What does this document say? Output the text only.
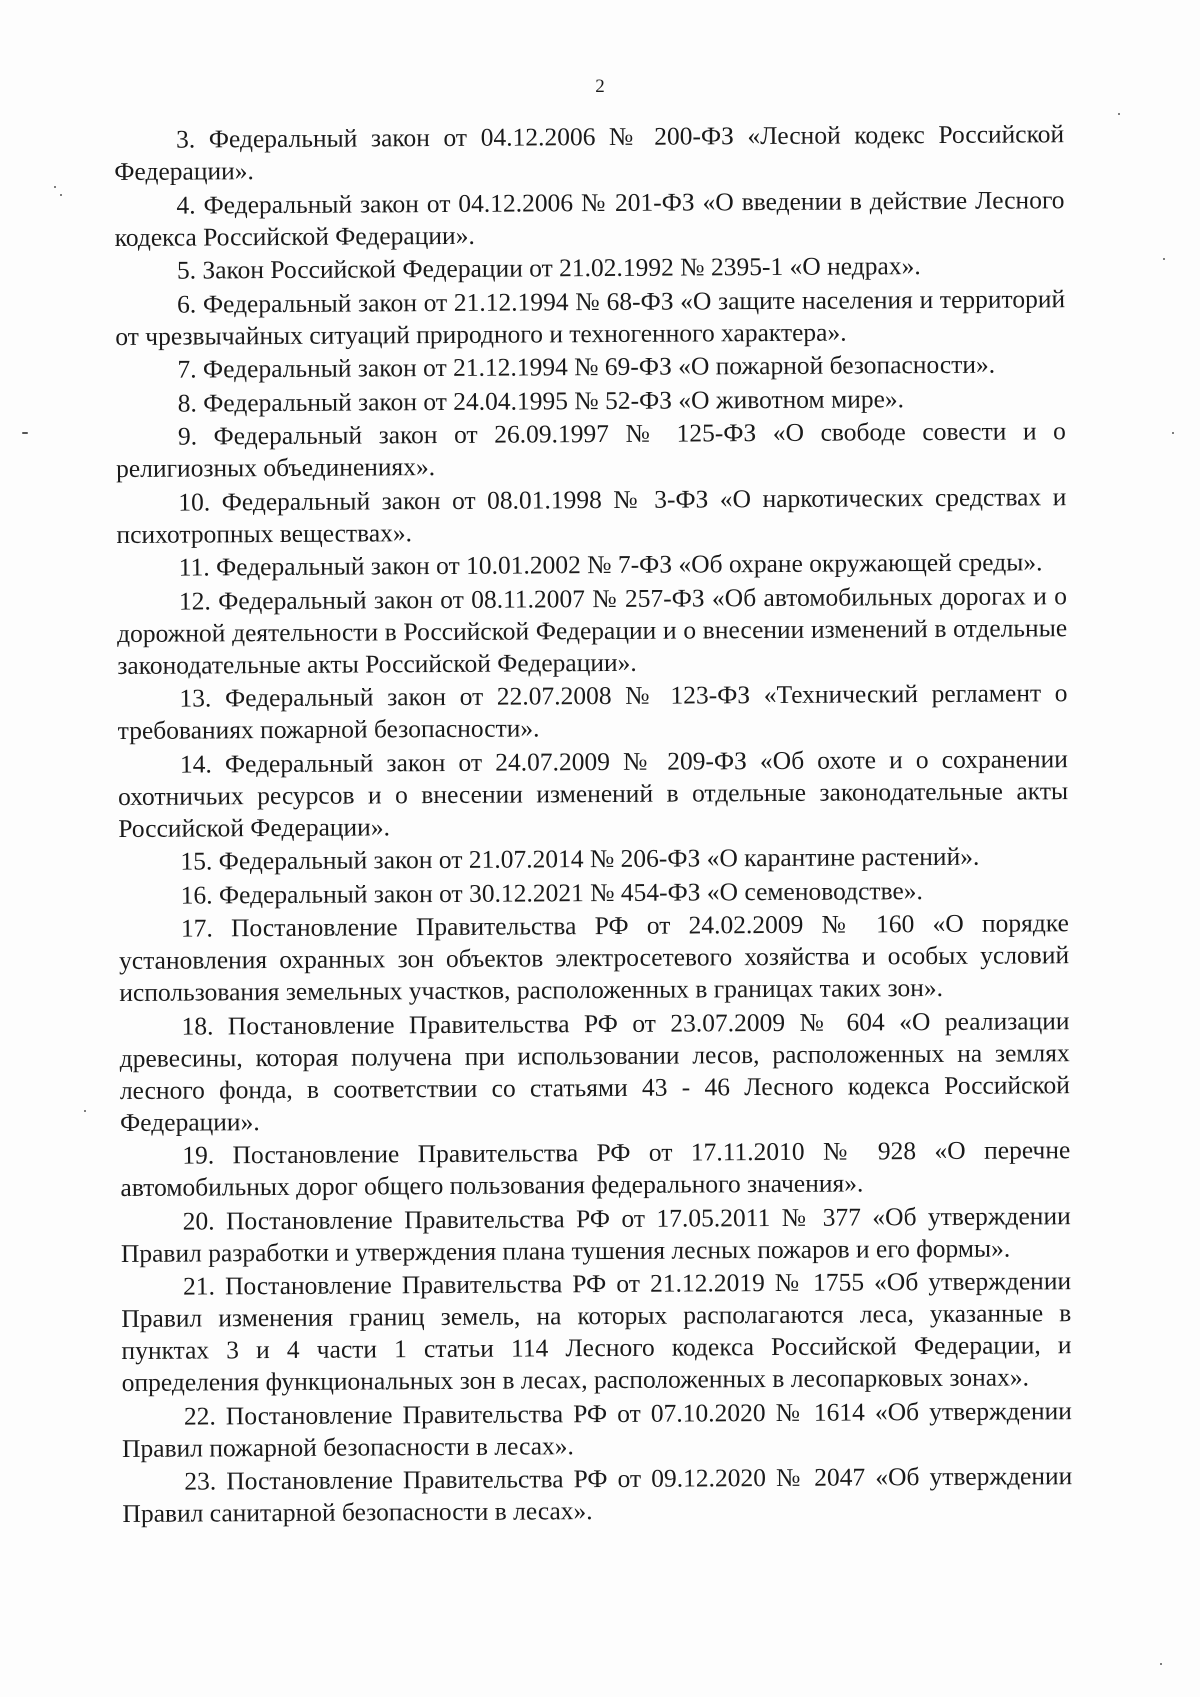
2

3. Федеральный закон от 04.12.2006 № 200-ФЗ «Лесной кодекс Российской Федерации».

4. Федеральный закон от 04.12.2006 № 201-ФЗ «О введении в действие Лесного кодекса Российской Федерации».

5. Закон Российской Федерации от 21.02.1992 № 2395-1 «О недрах».

6. Федеральный закон от 21.12.1994 № 68-ФЗ «О защите населения и территорий от чрезвычайных ситуаций природного и техногенного характера».

7. Федеральный закон от 21.12.1994 № 69-ФЗ «О пожарной безопасности».

8. Федеральный закон от 24.04.1995 № 52-ФЗ «О животном мире».

9. Федеральный закон от 26.09.1997 № 125-ФЗ «О свободе совести и о религиозных объединениях».

10. Федеральный закон от 08.01.1998 № 3-ФЗ «О наркотических средствах и психотропных веществах».

11. Федеральный закон от 10.01.2002 № 7-ФЗ «Об охране окружающей среды».

12. Федеральный закон от 08.11.2007 № 257-ФЗ «Об автомобильных дорогах и о дорожной деятельности в Российской Федерации и о внесении изменений в отдельные законодательные акты Российской Федерации».

13. Федеральный закон от 22.07.2008 № 123-ФЗ «Технический регламент о требованиях пожарной безопасности».

14. Федеральный закон от 24.07.2009 № 209-ФЗ «Об охоте и о сохранении охотничьих ресурсов и о внесении изменений в отдельные законодательные акты Российской Федерации».

15. Федеральный закон от 21.07.2014 № 206-ФЗ «О карантине растений».

16. Федеральный закон от 30.12.2021 № 454-ФЗ «О семеноводстве».

17. Постановление Правительства РФ от 24.02.2009 № 160 «О порядке установления охранных зон объектов электросетевого хозяйства и особых условий использования земельных участков, расположенных в границах таких зон».

18. Постановление Правительства РФ от 23.07.2009 № 604 «О реализации древесины, которая получена при использовании лесов, расположенных на землях лесного фонда, в соответствии со статьями 43 - 46 Лесного кодекса Российской Федерации».

19. Постановление Правительства РФ от 17.11.2010 № 928 «О перечне автомобильных дорог общего пользования федерального значения».

20. Постановление Правительства РФ от 17.05.2011 № 377 «Об утверждении Правил разработки и утверждения плана тушения лесных пожаров и его формы».

21. Постановление Правительства РФ от 21.12.2019 № 1755 «Об утверждении Правил изменения границ земель, на которых располагаются леса, указанные в пунктах 3 и 4 части 1 статьи 114 Лесного кодекса Российской Федерации, и определения функциональных зон в лесах, расположенных в лесопарковых зонах».

22. Постановление Правительства РФ от 07.10.2020 № 1614 «Об утверждении Правил пожарной безопасности в лесах».

23. Постановление Правительства РФ от 09.12.2020 № 2047 «Об утверждении Правил санитарной безопасности в лесах».
